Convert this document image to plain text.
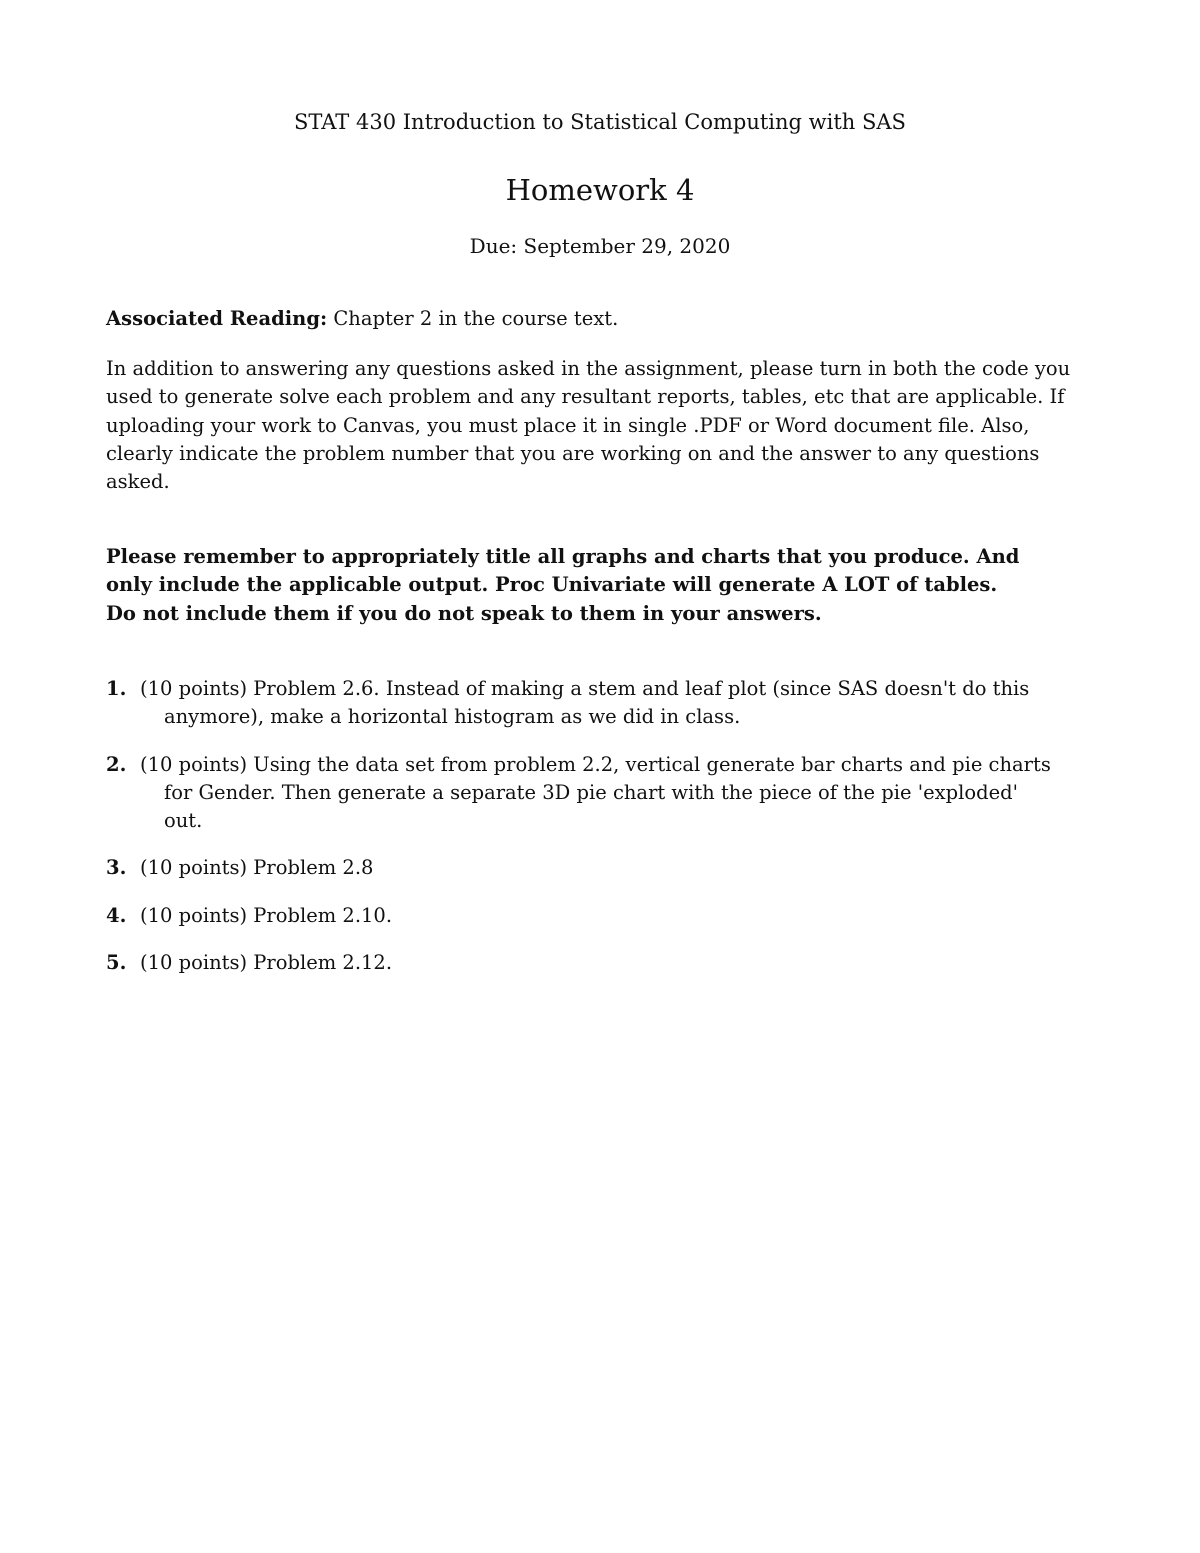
STAT 430 Introduction to Statistical Computing with SAS
Homework 4
Due: September 29, 2020
Associated Reading: Chapter 2 in the course text.
In addition to answering any questions asked in the assignment, please turn in both the code you
used to generate solve each problem and any resultant reports, tables, etc that are applicable. If
uploading your work to Canvas, you must place it in single .PDF or Word document file. Also,
clearly indicate the problem number that you are working on and the answer to any questions
asked.
Please remember to appropriately title all graphs and charts that you produce. And
only include the applicable output. Proc Univariate will generate A LOT of tables.
Do not include them if you do not speak to them in your answers.
1. (10 points) Problem 2.6. Instead of making a stem and leaf plot (since SAS doesn't do this
anymore), make a horizontal histogram as we did in class.
2. (10 points) Using the data set from problem 2.2, vertical generate bar charts and pie charts
for Gender. Then generate a separate 3D pie chart with the piece of the pie 'exploded'
out.
3. (10 points) Problem 2.8
4. (10 points) Problem 2.10.
5. (10 points) Problem 2.12.
